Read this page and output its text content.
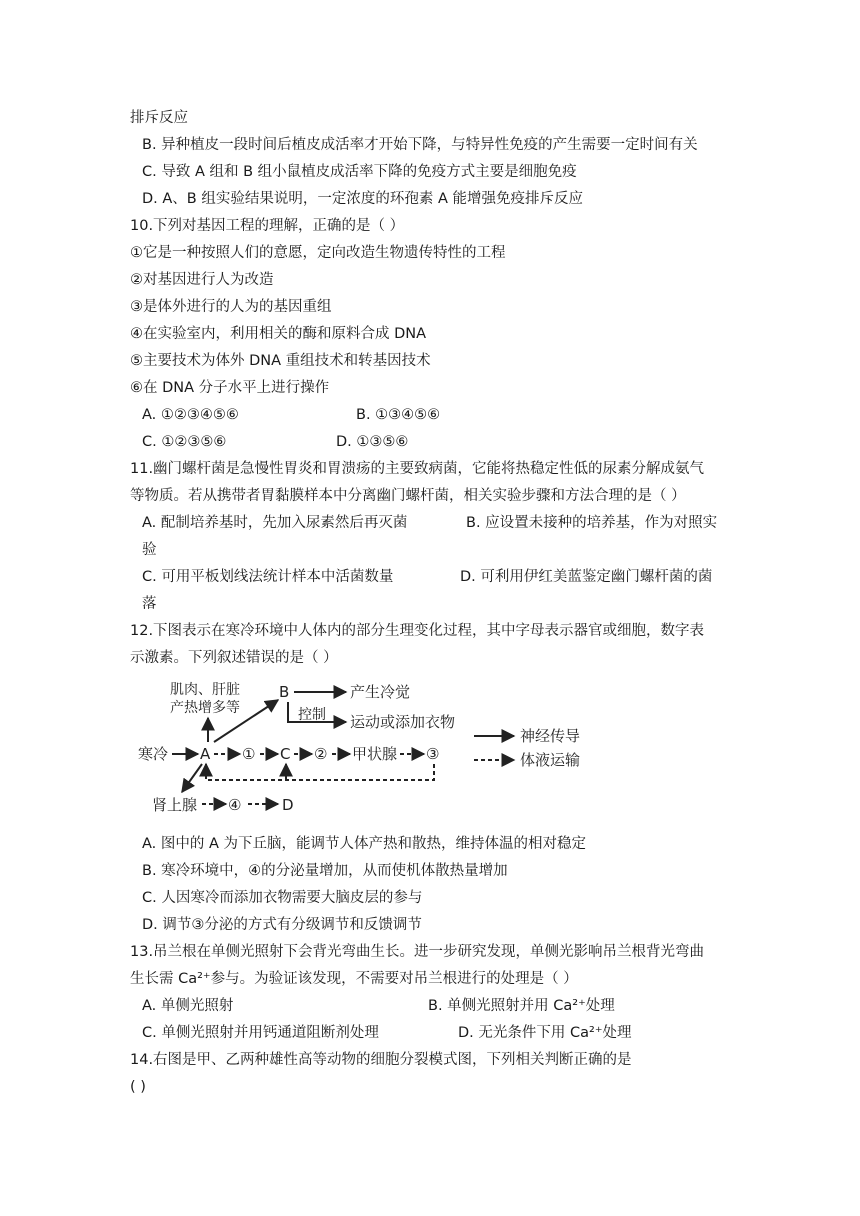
排斥反应
B. 异种植皮一段时间后植皮成活率才开始下降，与特异性免疫的产生需要一定时间有关
C. 导致 A 组和 B 组小鼠植皮成活率下降的免疫方式主要是细胞免疫
D. A、B 组实验结果说明，一定浓度的环孢素 A 能增强免疫排斥反应
10.下列对基因工程的理解，正确的是（ ）
①它是一种按照人们的意愿，定向改造生物遗传特性的工程
②对基因进行人为改造
③是体外进行的人为的基因重组
④在实验室内，利用相关的酶和原料合成 DNA
⑤主要技术为体外 DNA 重组技术和转基因技术
⑥在 DNA 分子水平上进行操作
A. ①②③④⑤⑥	B. ①③④⑤⑥
C. ①②③⑤⑥	D. ①③⑤⑥
11.幽门螺杆菌是急慢性胃炎和胃溃疡的主要致病菌，它能将热稳定性低的尿素分解成氨气
等物质。若从携带者胃黏膜样本中分离幽门螺杆菌，相关实验步骤和方法合理的是（ ）
A. 配制培养基时，先加入尿素然后再灭菌	B. 应设置未接种的培养基，作为对照实
验
C. 可用平板划线法统计样本中活菌数量	D. 可利用伊红美蓝鉴定幽门螺杆菌的菌
落
12.下图表示在寒冷环境中人体内的部分生理变化过程，其中字母表示器官或细胞，数字表
示激素。下列叙述错误的是（ ）
肌肉、肝脏
产热增多等
B	产生冷觉
控制 运动或添加衣物
寒冷 A ① C ② 甲状腺 ③
肾上腺 ④	D
神经传导
体液运输
A. 图中的 A 为下丘脑，能调节人体产热和散热，维持体温的相对稳定
B. 寒冷环境中，④的分泌量增加，从而使机体散热量增加
C. 人因寒冷而添加衣物需要大脑皮层的参与
D. 调节③分泌的方式有分级调节和反馈调节
13.吊兰根在单侧光照射下会背光弯曲生长。进一步研究发现，单侧光影响吊兰根背光弯曲
生长需 Ca²⁺参与。为验证该发现，不需要对吊兰根进行的处理是（ ）
A. 单侧光照射	B. 单侧光照射并用 Ca²⁺处理
C. 单侧光照射并用钙通道阻断剂处理	D. 无光条件下用 Ca²⁺处理
14.右图是甲、乙两种雄性高等动物的细胞分裂模式图，下列相关判断正确的是
( )
